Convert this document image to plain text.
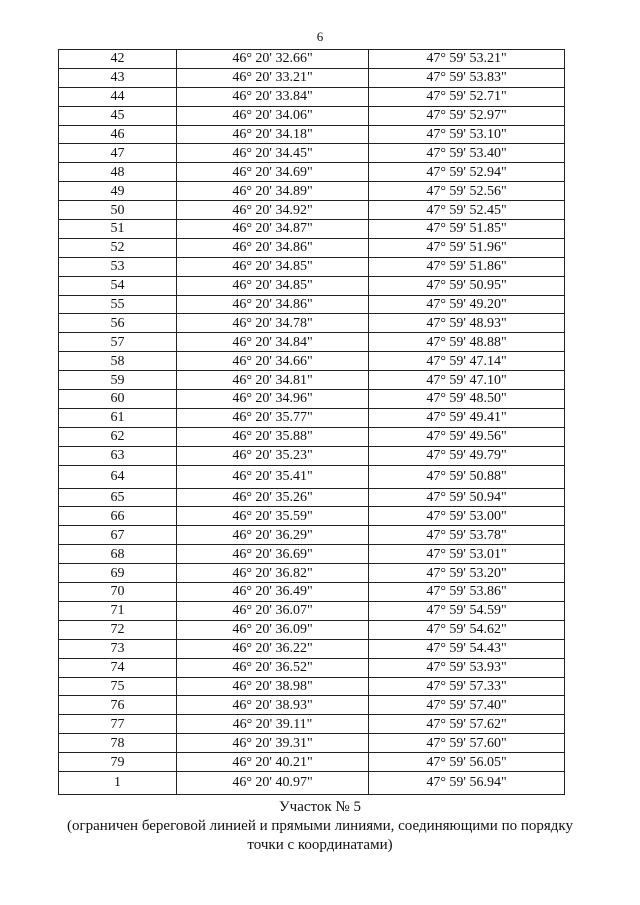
6
42	46° 20' 32.66"	47° 59' 53.21"
43	46° 20' 33.21"	47° 59' 53.83"
44	46° 20' 33.84"	47° 59' 52.71"
45	46° 20' 34.06"	47° 59' 52.97"
46	46° 20' 34.18"	47° 59' 53.10"
47	46° 20' 34.45"	47° 59' 53.40"
48	46° 20' 34.69"	47° 59' 52.94"
49	46° 20' 34.89"	47° 59' 52.56"
50	46° 20' 34.92"	47° 59' 52.45"
51	46° 20' 34.87"	47° 59' 51.85"
52	46° 20' 34.86"	47° 59' 51.96"
53	46° 20' 34.85"	47° 59' 51.86"
54	46° 20' 34.85"	47° 59' 50.95"
55	46° 20' 34.86"	47° 59' 49.20"
56	46° 20' 34.78"	47° 59' 48.93"
57	46° 20' 34.84"	47° 59' 48.88"
58	46° 20' 34.66"	47° 59' 47.14"
59	46° 20' 34.81"	47° 59' 47.10"
60	46° 20' 34.96"	47° 59' 48.50"
61	46° 20' 35.77"	47° 59' 49.41"
62	46° 20' 35.88"	47° 59' 49.56"
63	46° 20' 35.23"	47° 59' 49.79"
64	46° 20' 35.41"	47° 59' 50.88"
65	46° 20' 35.26"	47° 59' 50.94"
66	46° 20' 35.59"	47° 59' 53.00"
67	46° 20' 36.29"	47° 59' 53.78"
68	46° 20' 36.69"	47° 59' 53.01"
69	46° 20' 36.82"	47° 59' 53.20"
70	46° 20' 36.49"	47° 59' 53.86"
71	46° 20' 36.07"	47° 59' 54.59"
72	46° 20' 36.09"	47° 59' 54.62"
73	46° 20' 36.22"	47° 59' 54.43"
74	46° 20' 36.52"	47° 59' 53.93"
75	46° 20' 38.98"	47° 59' 57.33"
76	46° 20' 38.93"	47° 59' 57.40"
77	46° 20' 39.11"	47° 59' 57.62"
78	46° 20' 39.31"	47° 59' 57.60"
79	46° 20' 40.21"	47° 59' 56.05"
1	46° 20' 40.97"	47° 59' 56.94"
Участок № 5
(ограничен береговой линией и прямыми линиями, соединяющими по порядку
точки с координатами)
